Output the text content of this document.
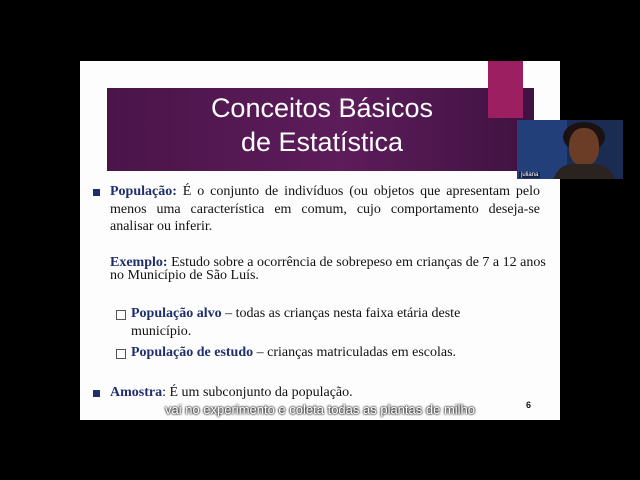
Conceitos Básicos
de Estatística
População: É o conjunto de indivíduos (ou objetos que apresentam pelo menos uma característica em comum, cujo comportamento deseja-se analisar ou inferir.
Exemplo: Estudo sobre a ocorrência de sobrepeso em crianças de 7 a 12 anos no Município de São Luís.
População alvo – todas as crianças nesta faixa etária deste município.
População de estudo – crianças matriculadas em escolas.
Amostra: É um subconjunto da população.
6
vai no experimento e coleta todas as plantas de milho
juliana
